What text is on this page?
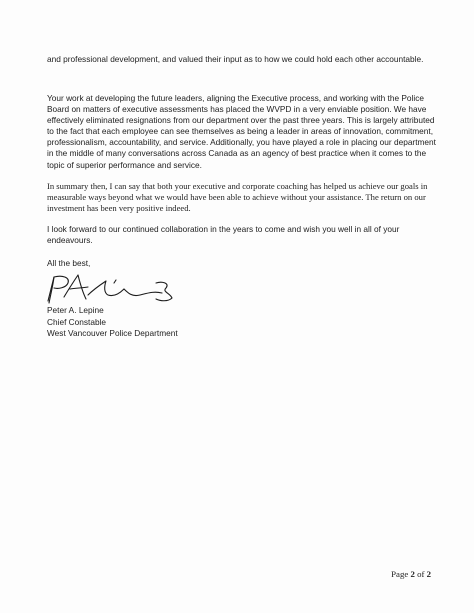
and professional development, and valued their input as to how we could hold each other accountable.

Your work at developing the future leaders, aligning the Executive process, and working with the Police Board on matters of executive assessments has placed the WVPD in a very enviable position. We have effectively eliminated resignations from our department over the past three years. This is largely attributed to the fact that each employee can see themselves as being a leader in areas of innovation, commitment, professionalism, accountability, and service. Additionally, you have played a role in placing our department in the middle of many conversations across Canada as an agency of best practice when it comes to the topic of superior performance and service.

In summary then, I can say that both your executive and corporate coaching has helped us achieve our goals in measurable ways beyond what we would have been able to achieve without your assistance. The return on our investment has been very positive indeed.

I look forward to our continued collaboration in the years to come and wish you well in all of your endeavours.

All the best,
Peter A. Lepine
Chief Constable
West Vancouver Police Department
Page 2 of 2
